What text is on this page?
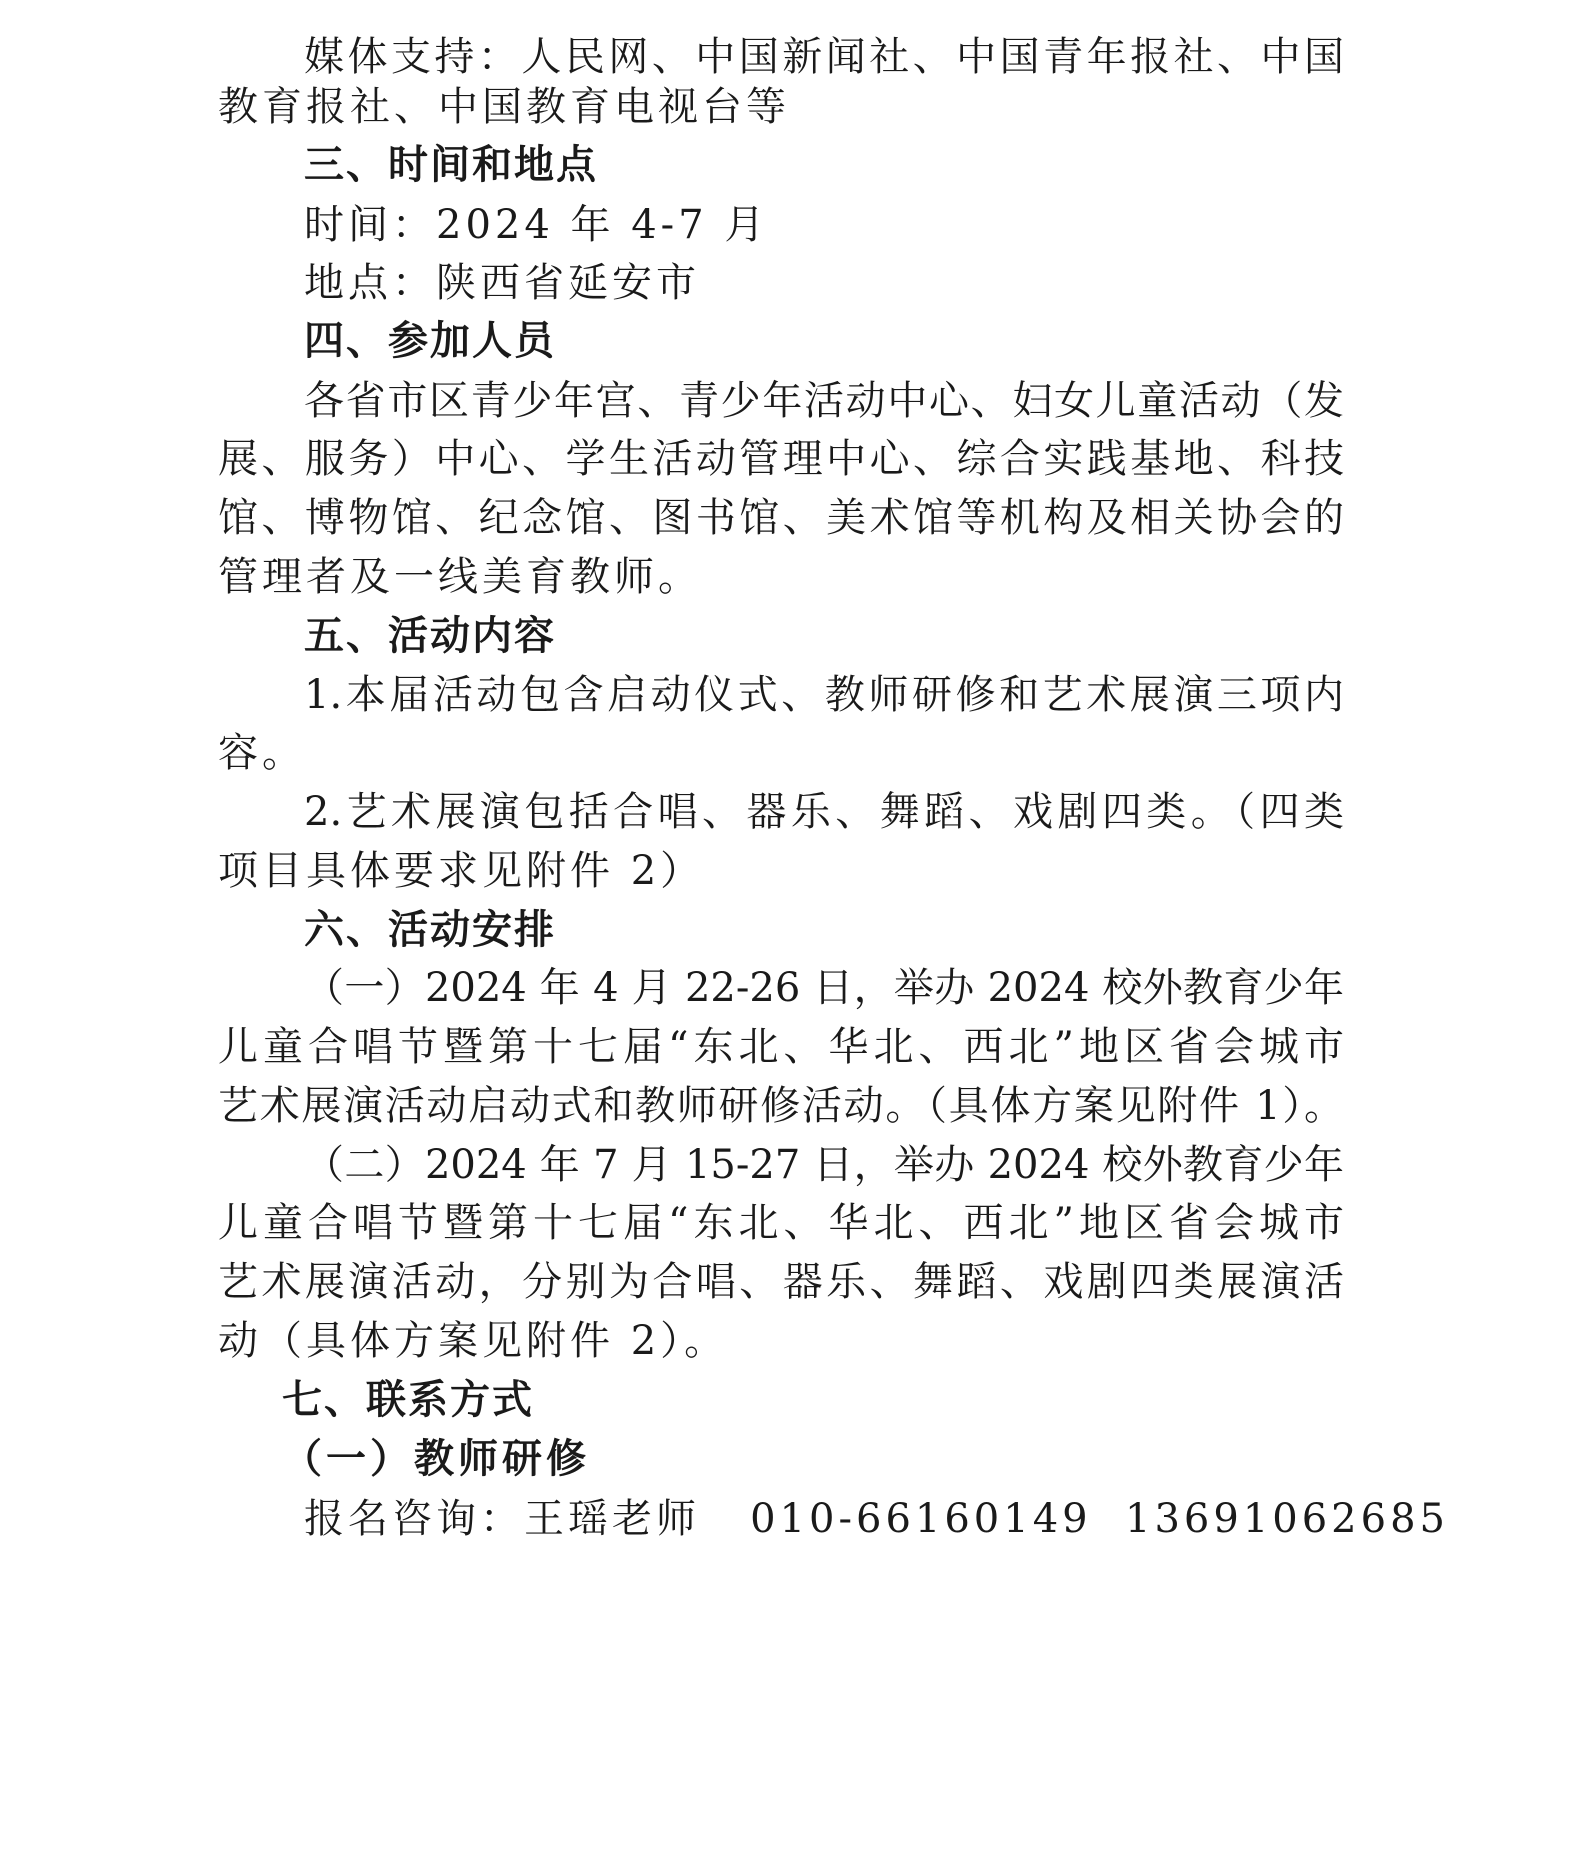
媒体支持：人民网、中国新闻社、中国青年报社、中国
教育报社、中国教育电视台等
三、时间和地点
时间：2024 年 4-7 月
地点：陕西省延安市
四、参加人员
各省市区青少年宫、青少年活动中心、妇女儿童活动（发
展、服务）中心、学生活动管理中心、综合实践基地、科技
馆、博物馆、纪念馆、图书馆、美术馆等机构及相关协会的
管理者及一线美育教师。
五、活动内容
1.本届活动包含启动仪式、教师研修和艺术展演三项内
容。
2.艺术展演包括合唱、器乐、舞蹈、戏剧四类。（四类
项目具体要求见附件 2）
六、活动安排
（一）2024 年 4 月 22-26 日，举办 2024 校外教育少年
儿童合唱节暨第十七届“东北、华北、西北”地区省会城市
艺术展演活动启动式和教师研修活动。（具体方案见附件 1）。
（二）2024 年 7 月 15-27 日，举办 2024 校外教育少年
儿童合唱节暨第十七届“东北、华北、西北”地区省会城市
艺术展演活动，分别为合唱、器乐、舞蹈、戏剧四类展演活
动（具体方案见附件 2）。
七、联系方式
（一）教师研修
报名咨询：王瑶老师   010-66160149  13691062685
